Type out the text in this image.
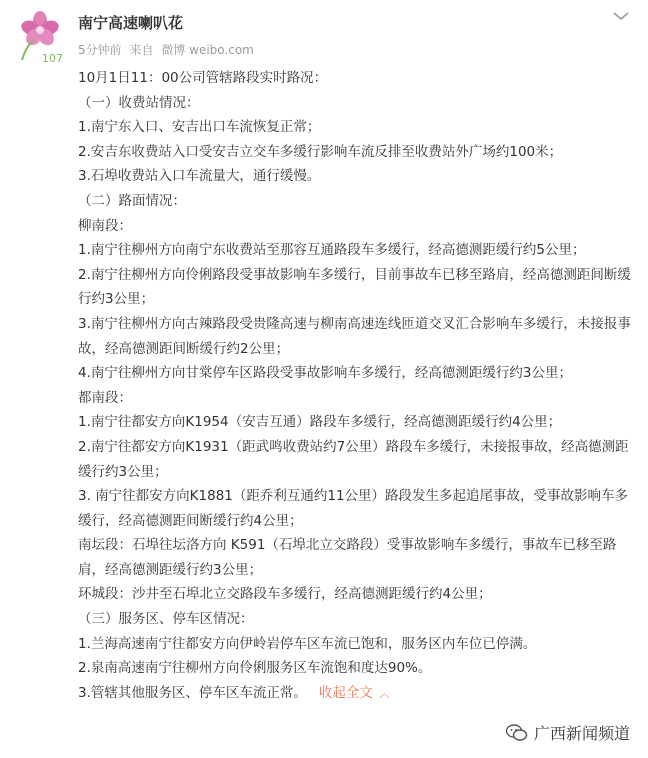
107
南宁高速喇叭花
5分钟前 来自 微博 weibo.com

10月1日11：00公司管辖路段实时路况：

（一）收费站情况：

1.南宁东入口、安吉出口车流恢复正常；

2.安吉东收费站入口受安吉立交车多缓行影响车流反排至收费站外广场约100米；

3.石埠收费站入口车流量大，通行缓慢。

（二）路面情况：

柳南段：

1.南宁往柳州方向南宁东收费站至那容互通路段车多缓行，经高德测距缓行约5公里；

2.南宁往柳州方向伶俐路段受事故影响车多缓行，目前事故车已移至路肩，经高德测距间断缓行约3公里；

3.南宁往柳州方向古辣路段受贵隆高速与柳南高速连线匝道交叉汇合影响车多缓行，未接报事故，经高德测距间断缓行约2公里；

4.南宁往柳州方向甘棠停车区路段受事故影响车多缓行，经高德测距缓行约3公里；

都南段：

1.南宁往都安方向K1954（安吉互通）路段车多缓行，经高德测距缓行约4公里；

2.南宁往都安方向K1931（距武鸣收费站约7公里）路段车多缓行，未接报事故，经高德测距缓行约3公里；

3. 南宁往都安方向K1881（距乔利互通约11公里）路段发生多起追尾事故，受事故影响车多缓行，经高德测距间断缓行约4公里；

南坛段：石埠往坛洛方向 K591（石埠北立交路段）受事故影响车多缓行，事故车已移至路肩，经高德测距缓行约3公里；

环城段：沙井至石埠北立交路段车多缓行，经高德测距缓行约4公里；

（三）服务区、停车区情况：

1.兰海高速南宁往都安方向伊岭岩停车区车流已饱和，服务区内车位已停满。

2.泉南高速南宁往柳州方向伶俐服务区车流饱和度达90%。

3.管辖其他服务区、停车区车流正常。 收起全文 ︿

广西新闻频道
